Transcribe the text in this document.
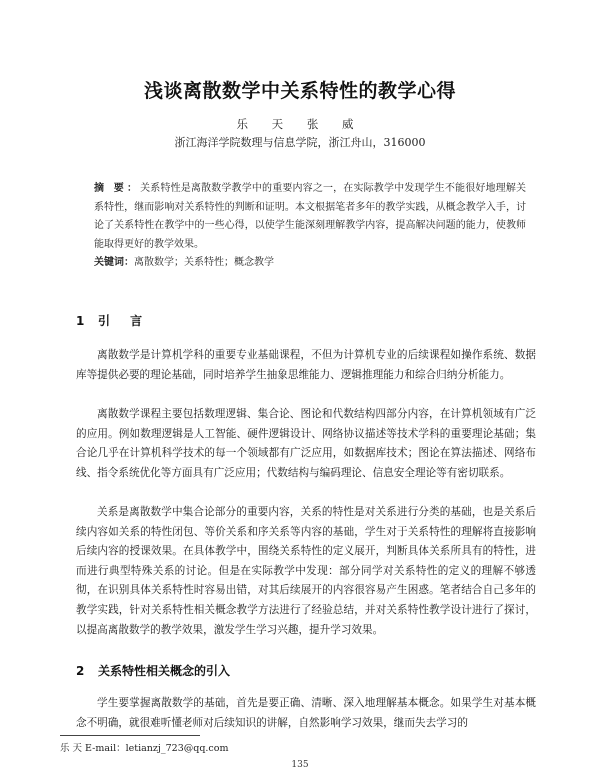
浅谈离散数学中关系特性的教学心得
乐 天 张 威
浙江海洋学院数理与信息学院，浙江舟山，316000
摘 要：关系特性是离散数学教学中的重要内容之一，在实际教学中发现学生不能很好地理解关系特性，继而影响对关系特性的判断和证明。本文根据笔者多年的教学实践，从概念教学入手，讨论了关系特性在教学中的一些心得，以使学生能深刻理解教学内容，提高解决问题的能力，使教师能取得更好的教学效果。
关键词：离散数学；关系特性；概念教学
1 引 言

离散数学是计算机学科的重要专业基础课程，不但为计算机专业的后续课程如操作系统、数据库等提供必要的理论基础，同时培养学生抽象思维能力、逻辑推理能力和综合归纳分析能力。

离散数学课程主要包括数理逻辑、集合论、图论和代数结构四部分内容，在计算机领域有广泛的应用。例如数理逻辑是人工智能、硬件逻辑设计、网络协议描述等技术学科的重要理论基础；集合论几乎在计算机科学技术的每一个领域都有广泛应用，如数据库技术；图论在算法描述、网络布线、指令系统优化等方面具有广泛应用；代数结构与编码理论、信息安全理论等有密切联系。

关系是离散数学中集合论部分的重要内容，关系的特性是对关系进行分类的基础，也是关系后续内容如关系的特性闭包、等价关系和序关系等内容的基础，学生对于关系特性的理解将直接影响后续内容的授课效果。在具体教学中，围绕关系特性的定义展开，判断具体关系所具有的特性，进而进行典型特殊关系的讨论。但是在实际教学中发现：部分同学对关系特性的定义的理解不够透彻，在识别具体关系特性时容易出错，对其后续展开的内容很容易产生困惑。笔者结合自己多年的教学实践，针对关系特性相关概念教学方法进行了经验总结，并对关系特性教学设计进行了探讨，以提高离散数学的教学效果，激发学生学习兴趣，提升学习效果。

2 关系特性相关概念的引入

学生要掌握离散数学的基础，首先是要正确、清晰、深入地理解基本概念。如果学生对基本概念不明确，就很难听懂老师对后续知识的讲解，自然影响学习效果，继而失去学习的

乐 天 E-mail：letianzj_723@qq.com
135
